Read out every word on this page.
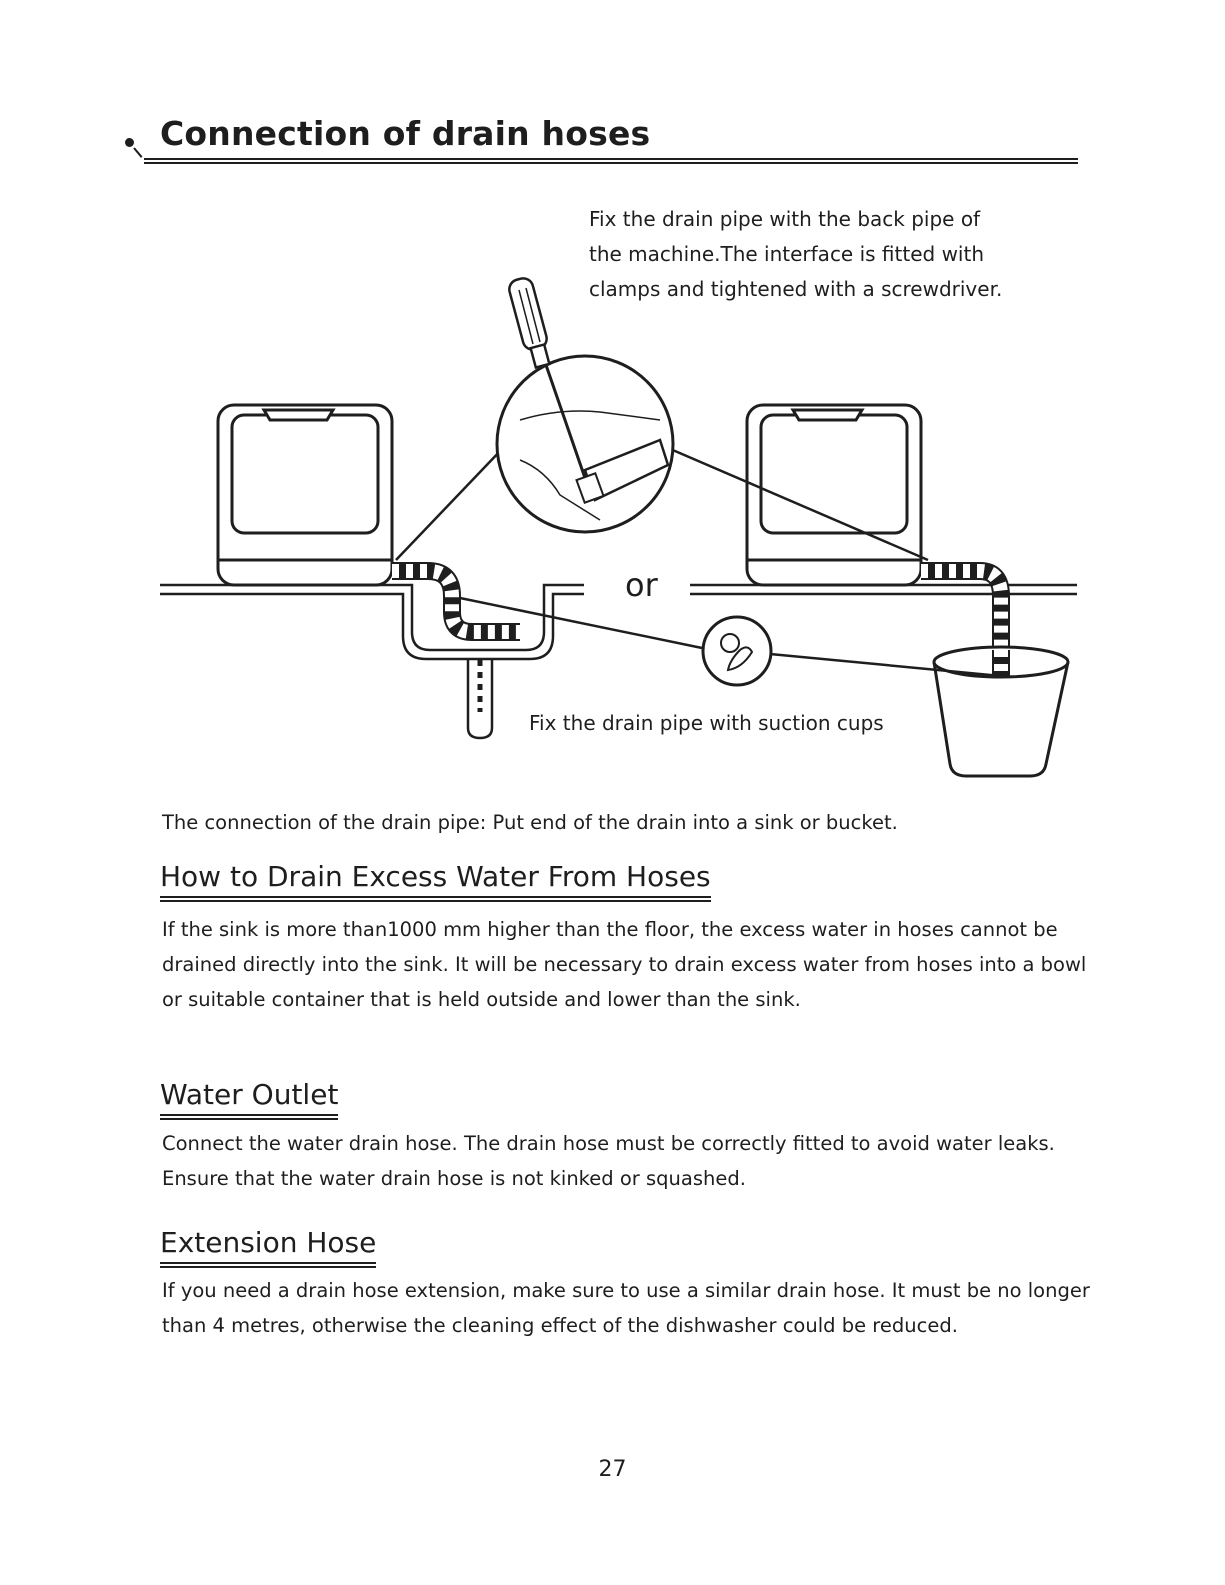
Connection of drain hoses

Fix the drain pipe with the back pipe of the machine.The interface is fitted with clamps and tightened with a screwdriver.

or

Fix the drain pipe with suction cups

The connection of the drain pipe: Put end of the drain into a sink or bucket.

How to Drain Excess Water From Hoses

If the sink is more than1000 mm higher than the floor, the excess water in hoses cannot be drained directly into the sink. It will be necessary to drain excess water from hoses into a bowl or suitable container that is held outside and lower than the sink.

Water Outlet

Connect the water drain hose. The drain hose must be correctly fitted to avoid water leaks. Ensure that the water drain hose is not kinked or squashed.

Extension Hose

If you need a drain hose extension, make sure to use a similar drain hose. It must be no longer than 4 metres, otherwise the cleaning effect of the dishwasher could be reduced.

27
